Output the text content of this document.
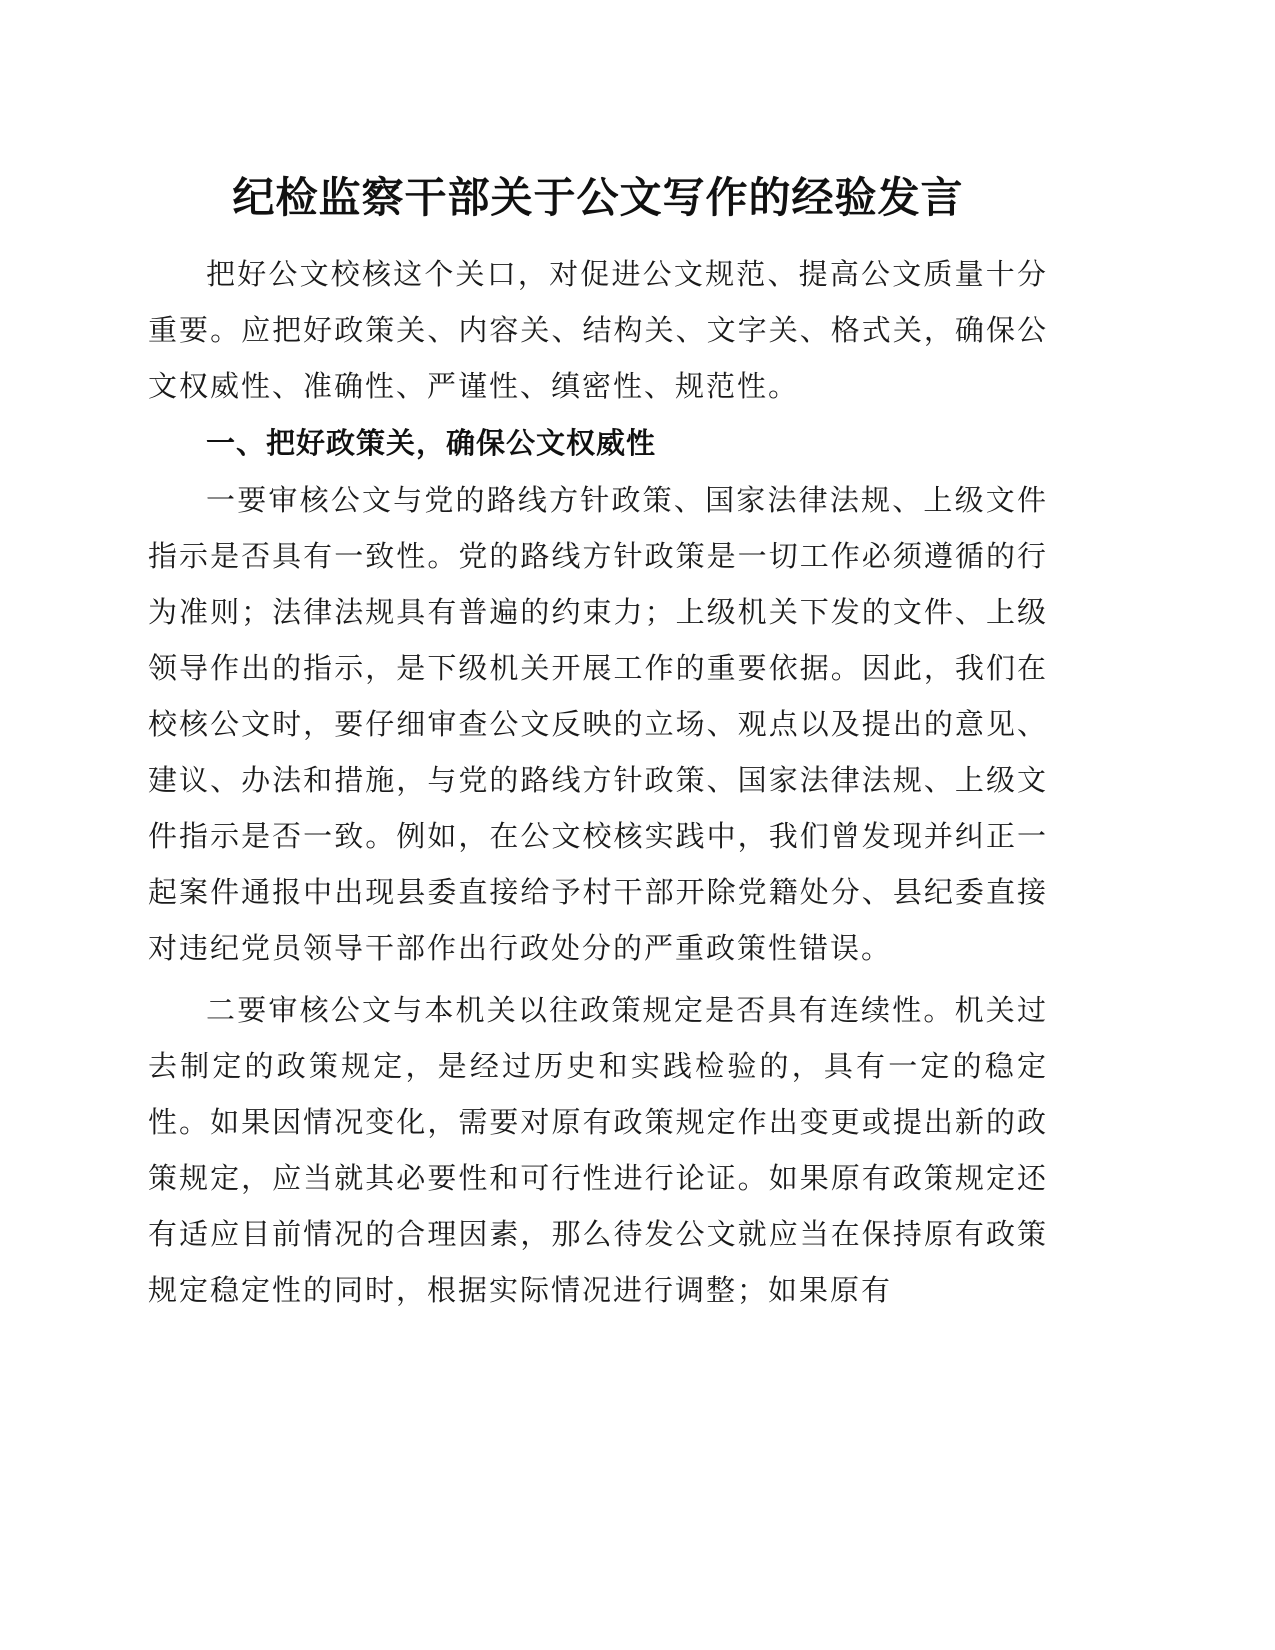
纪检监察干部关于公文写作的经验发言

把好公文校核这个关口，对促进公文规范、提高公文质量十分重要。应把好政策关、内容关、结构关、文字关、格式关，确保公文权威性、准确性、严谨性、缜密性、规范性。

一、把好政策关，确保公文权威性

一要审核公文与党的路线方针政策、国家法律法规、上级文件指示是否具有一致性。党的路线方针政策是一切工作必须遵循的行为准则；法律法规具有普遍的约束力；上级机关下发的文件、上级领导作出的指示，是下级机关开展工作的重要依据。因此，我们在校核公文时，要仔细审查公文反映的立场、观点以及提出的意见、建议、办法和措施，与党的路线方针政策、国家法律法规、上级文件指示是否一致。例如，在公文校核实践中，我们曾发现并纠正一起案件通报中出现县委直接给予村干部开除党籍处分、县纪委直接对违纪党员领导干部作出行政处分的严重政策性错误。

二要审核公文与本机关以往政策规定是否具有连续性。机关过去制定的政策规定，是经过历史和实践检验的，具有一定的稳定性。如果因情况变化，需要对原有政策规定作出变更或提出新的政策规定，应当就其必要性和可行性进行论证。如果原有政策规定还有适应目前情况的合理因素，那么待发公文就应当在保持原有政策规定稳定性的同时，根据实际情况进行调整；如果原有
